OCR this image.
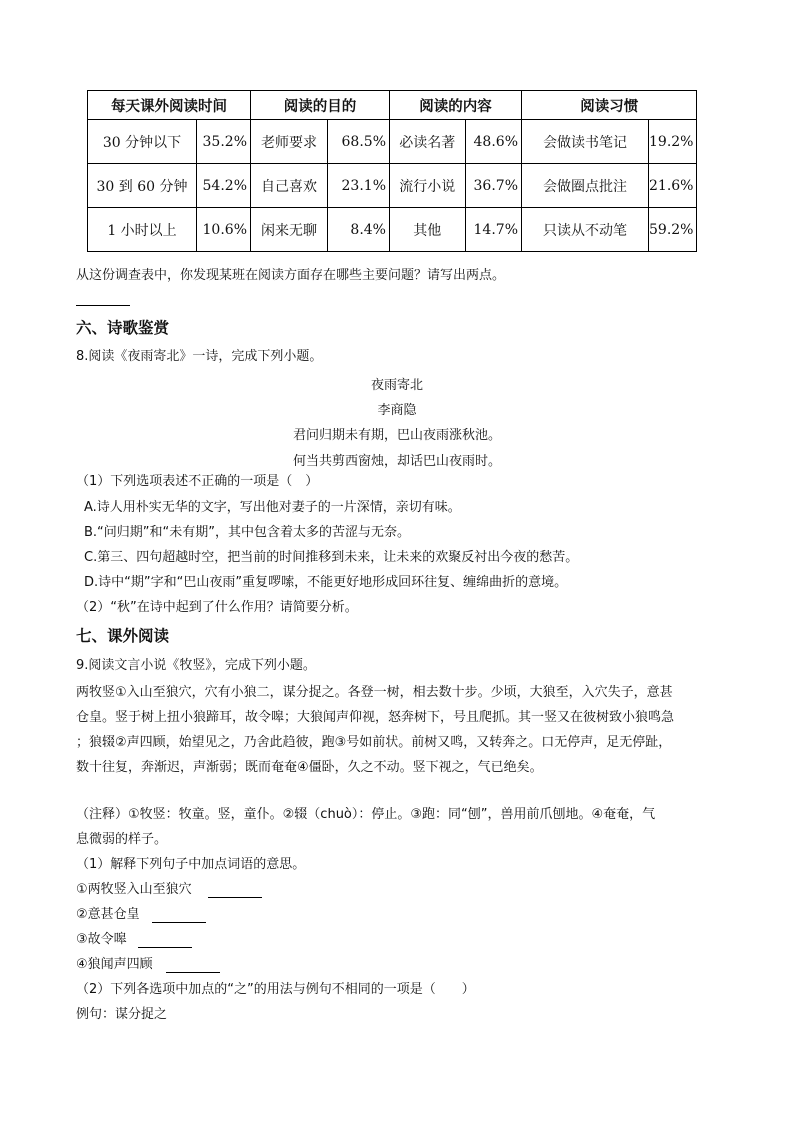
每天课外阅读时间		阅读的目的		阅读的内容		阅读习惯	
30 分钟以下	35.2%	老师要求	68.5%	必读名著	48.6%	会做读书笔记	19.2%
30 到 60 分钟	54.2%	自己喜欢	23.1%	流行小说	36.7%	会做圈点批注	21.6%
1 小时以上	10.6%	闲来无聊	8.4%	其他	14.7%	只读从不动笔	59.2%
从这份调查表中，你发现某班在阅读方面存在哪些主要问题？请写出两点。
六、诗歌鉴赏
8.阅读《夜雨寄北》一诗，完成下列小题。
夜雨寄北
李商隐
君问归期未有期，巴山夜雨涨秋池。
何当共剪西窗烛，却话巴山夜雨时。
（1）下列选项表述不正确的一项是（　）
A.诗人用朴实无华的文字，写出他对妻子的一片深情，亲切有味。
B.“问归期”和“未有期”，其中包含着太多的苦涩与无奈。
C.第三、四句超越时空，把当前的时间推移到未来，让未来的欢聚反衬出今夜的愁苦。
D.诗中“期”字和“巴山夜雨”重复啰嗦，不能更好地形成回环往复、缠绵曲折的意境。
（2）“秋”在诗中起到了什么作用？请简要分析。
七、课外阅读
9.阅读文言小说《牧竖》，完成下列小题。
两牧竖①入山至狼穴，穴有小狼二，谋分捉之。各登一树，相去数十步。少顷，大狼至，入穴失子，意甚
仓皇。竖于树上扭小狼蹄耳，故令嗥；大狼闻声仰视，怒奔树下，号且爬抓。其一竖又在彼树致小狼鸣急
；狼辍②声四顾，始望见之，乃舍此趋彼，跑③号如前状。前树又鸣，又转奔之。口无停声，足无停趾，
数十往复，奔渐迟，声渐弱；既而奄奄④僵卧，久之不动。竖下视之，气已绝矣。
（注释）①牧竖：牧童。竖，童仆。②辍（chuò）：停止。③跑：同“刨”，兽用前爪刨地。④奄奄，气
息微弱的样子。
（1）解释下列句子中加点词语的意思。
①两牧竖入山至狼穴
②意甚仓皇
③故令嗥
④狼闻声四顾
（2）下列各选项中加点的“之”的用法与例句不相同的一项是（　　）
例句：谋分捉之
